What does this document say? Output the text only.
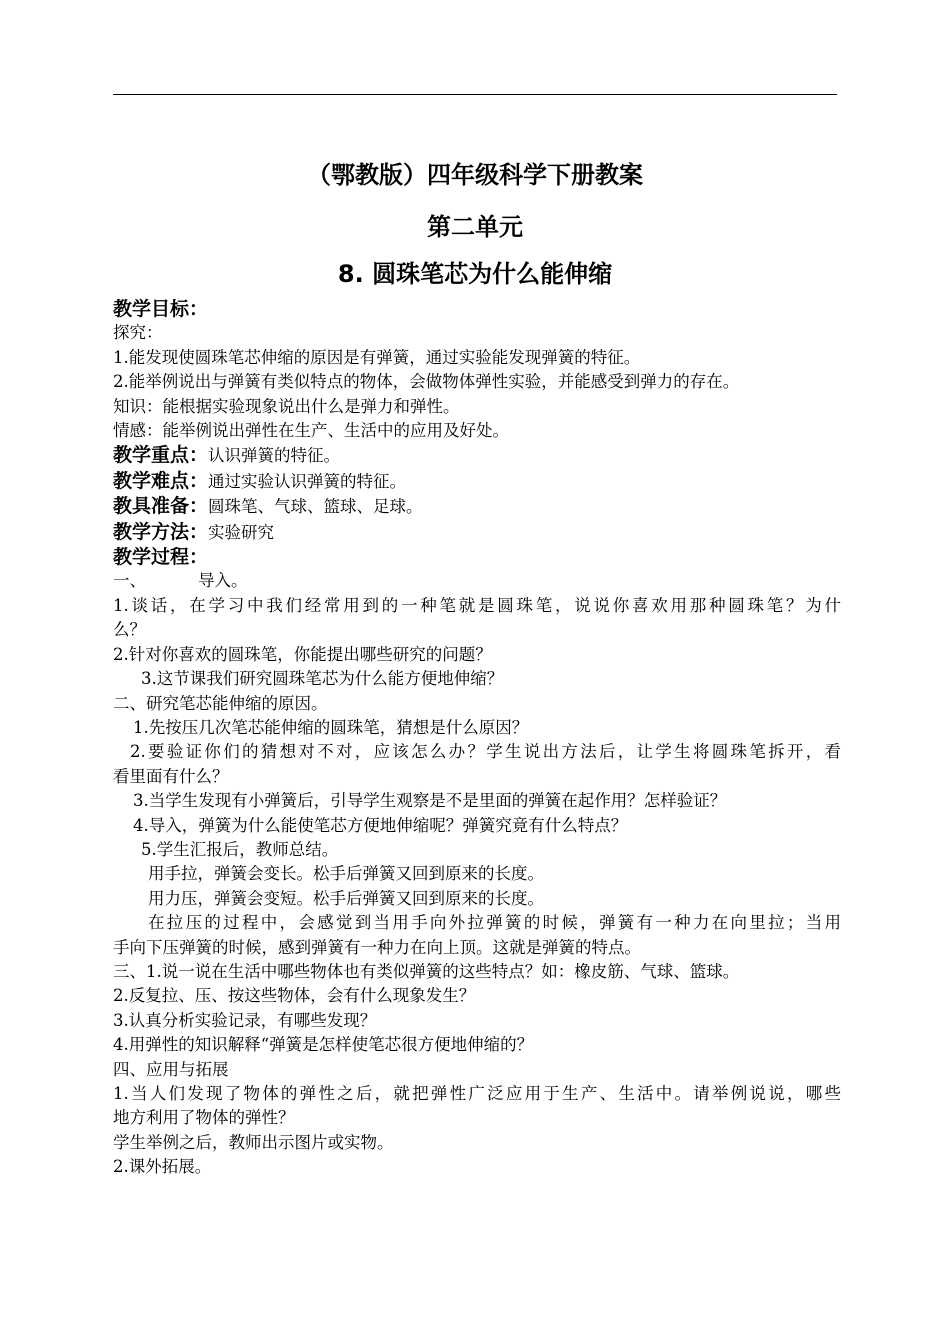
（鄂教版）四年级科学下册教案
第二单元
8. 圆珠笔芯为什么能伸缩
教学目标：
探究：
1.能发现使圆珠笔芯伸缩的原因是有弹簧，通过实验能发现弹簧的特征。
2.能举例说出与弹簧有类似特点的物体，会做物体弹性实验，并能感受到弹力的存在。
知识：能根据实验现象说出什么是弹力和弹性。
情感：能举例说出弹性在生产、生活中的应用及好处。
教学重点：认识弹簧的特征。
教学难点：通过实验认识弹簧的特征。
教具准备：圆珠笔、气球、篮球、足球。
教学方法：实验研究
教学过程：
一、	导入。
1.谈话，在学习中我们经常用到的一种笔就是圆珠笔，说说你喜欢用那种圆珠笔？为什
么？
2.针对你喜欢的圆珠笔，你能提出哪些研究的问题？
3.这节课我们研究圆珠笔芯为什么能方便地伸缩？
二、研究笔芯能伸缩的原因。
1.先按压几次笔芯能伸缩的圆珠笔，猜想是什么原因？
2.要验证你们的猜想对不对，应该怎么办？学生说出方法后，让学生将圆珠笔拆开，看
看里面有什么？
3.当学生发现有小弹簧后，引导学生观察是不是里面的弹簧在起作用？怎样验证？
4.导入，弹簧为什么能使笔芯方便地伸缩呢？弹簧究竟有什么特点？
5.学生汇报后，教师总结。
用手拉，弹簧会变长。松手后弹簧又回到原来的长度。
用力压，弹簧会变短。松手后弹簧又回到原来的长度。
在拉压的过程中，会感觉到当用手向外拉弹簧的时候，弹簧有一种力在向里拉；当用
手向下压弹簧的时候，感到弹簧有一种力在向上顶。这就是弹簧的特点。
三、1.说一说在生活中哪些物体也有类似弹簧的这些特点？如：橡皮筋、气球、篮球。
2.反复拉、压、按这些物体，会有什么现象发生？
3.认真分析实验记录，有哪些发现？
4.用弹性的知识解释“弹簧是怎样使笔芯很方便地伸缩的？
四、应用与拓展
1.当人们发现了物体的弹性之后，就把弹性广泛应用于生产、生活中。请举例说说，哪些
地方利用了物体的弹性？
学生举例之后，教师出示图片或实物。
2.课外拓展。
